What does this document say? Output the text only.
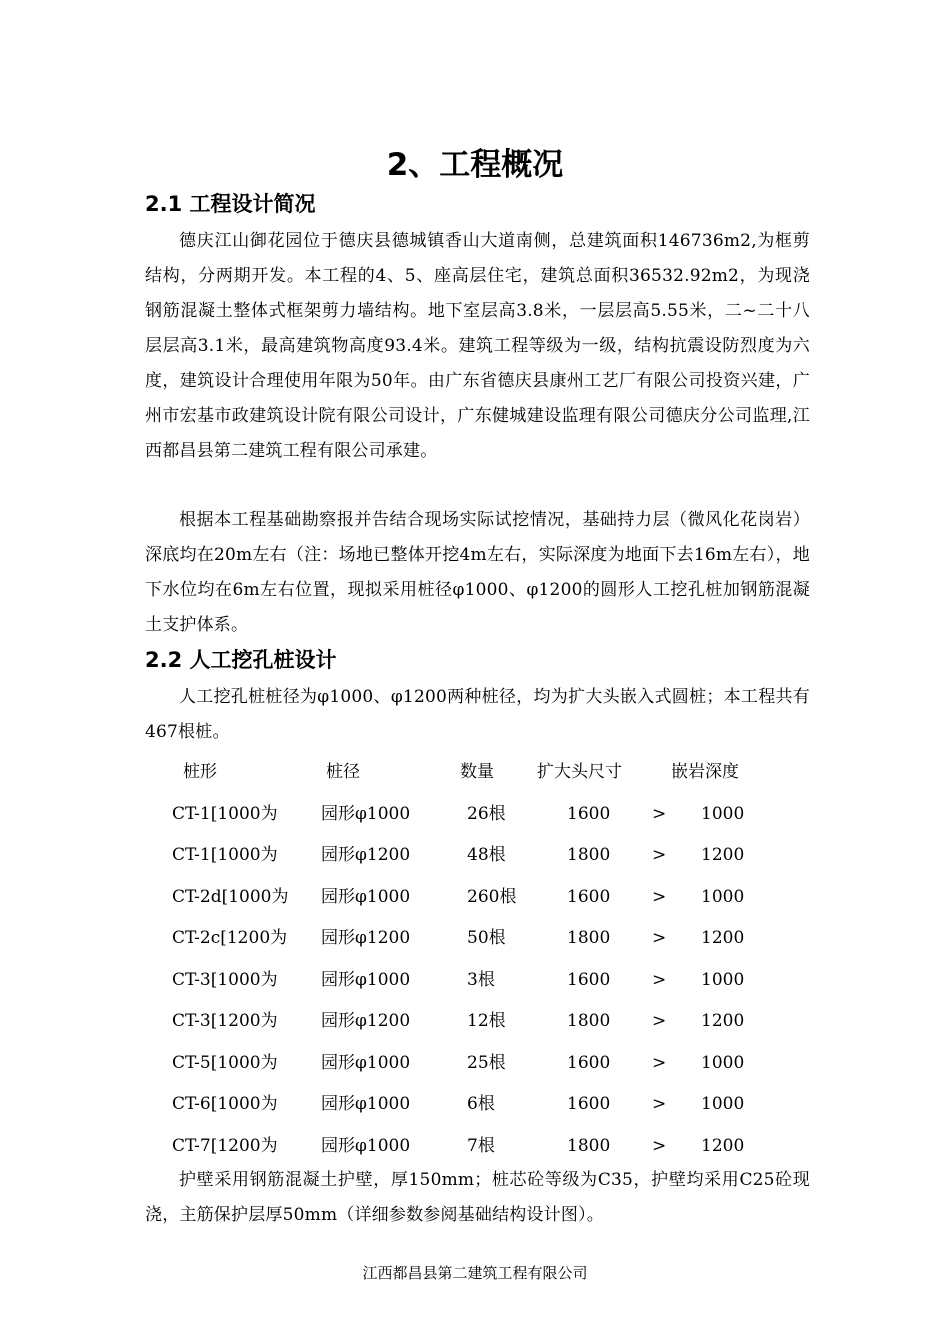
2、工程概况
2.1 工程设计简况

德庆江山御花园位于德庆县德城镇香山大道南侧，总建筑面积146736m2,为框剪结构，分两期开发。本工程的4、5、座高层住宅，建筑总面积36532.92m2，为现浇钢筋混凝土整体式框架剪力墙结构。地下室层高3.8米，一层层高5.55米，二~二十八层层高3.1米，最高建筑物高度93.4米。建筑工程等级为一级，结构抗震设防烈度为六度，建筑设计合理使用年限为50年。由广东省德庆县康州工艺厂有限公司投资兴建，广州市宏基市政建筑设计院有限公司设计，广东健城建设监理有限公司德庆分公司监理,江西都昌县第二建筑工程有限公司承建。

根据本工程基础勘察报并告结合现场实际试挖情况，基础持力层（微风化花岗岩）深底均在20m左右（注：场地已整体开挖4m左右，实际深度为地面下去16m左右），地下水位均在6m左右位置，现拟采用桩径φ1000、φ1200的圆形人工挖孔桩加钢筋混凝土支护体系。

2.2 人工挖孔桩设计

人工挖孔桩桩径为φ1000、φ1200两种桩径，均为扩大头嵌入式圆桩；本工程共有467根桩。

桩形	桩径	数量	扩大头尺寸	嵌岩深度
CT-1[1000为	园形φ1000	26根	1600 > 1000
CT-1[1000为	园形φ1200	48根	1800 > 1200
CT-2d[1000为 园形φ1000	260根	1600 > 1000
CT-2c[1200为 园形φ1200	50根	1800 > 1200
CT-3[1000为	园形φ1000	3根	1600 > 1000
CT-3[1200为	园形φ1200	12根	1800 > 1200
CT-5[1000为	园形φ1000	25根	1600 > 1000
CT-6[1000为	园形φ1000	6根	1600 > 1000
CT-7[1200为	园形φ1000	7根	1800 > 1200

护壁采用钢筋混凝土护壁，厚150mm；桩芯砼等级为C35，护壁均采用C25砼现浇，主筋保护层厚50mm（详细参数参阅基础结构设计图）。

江西都昌县第二建筑工程有限公司
